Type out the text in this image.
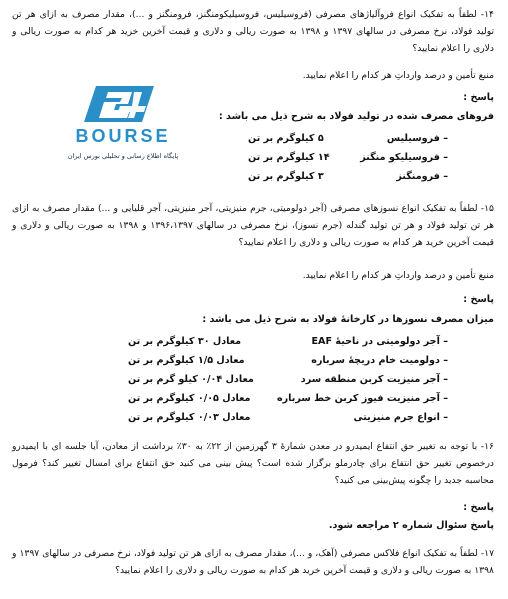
۱۴- لطفاً به تفکیک انواع فروآلیاژهای مصرفی (فروسیلیس، فروسیلیکومنگنز، فرومنگنز و ...)، مقدار مصرف به ازای هر تن تولید فولاد، نرخ مصرفی در سالهای ۱۳۹۷ و ۱۳۹۸ به صورت ریالی و دلاری و قیمت آخرین خرید هر کدام به صورت ریالی و دلاری را اعلام نمایید؟

منبع تأمین و درصد وارداتِ هر کدام را اعلام نمایید.
پاسخ :
فروهای مصرف شده در تولید فولاد به شرح ذیل می باشد :
– فروسیلیس
۵ کیلوگرم بر تن
– فروسیلیکو منگنز
۱۴ کیلوگرم بر تن
– فرومنگنز
۳ کیلوگرم بر تن
BOURSE
پایگاه اطلاع رسانی و تحلیلی بورس ایران

۱۵- لطفاً به تفکیک انواع نسوزهای مصرفی (آجر دولومیتی، جرم منیزیتی، آجر منیزیتی، آجر قلیایی و ...) مقدار مصرف به ازای هر تن تولید فولاد و هر تن تولید گندله (جرم نسوز)، نرخ مصرفی در سالهای ۱۳۹۶،۱۳۹۷ و ۱۳۹۸ به صورت ریالی و دلاری و قیمت آخرین خرید هر کدام به صورت ریالی و دلاری را اعلام نمایید؟

منبع تأمین و درصد وارداتِ هر کدام را اعلام نمایید.
پاسخ :
میزان مصرف نسوزها در کارخانهٔ فولاد به شرح ذیل می باشد :
– آجر دولومیتی در ناحیهٔ EAF
معادل ۳۰ کیلوگرم بر تن
– دولومیت خام دریچهٔ سرباره
معادل ۱/۵ کیلوگرم بر تن
– آجر منیزیت کربن منطقه سرد
معادل ۰/۰۴ کیلو گرم بر تن
– آجر منیزیت فیوز کربن خط سرباره
معادل ۰/۰۵ کیلوگرم بر تن
– انواع جرم منیزیتی
معادل ۰/۰۳ کیلوگرم بر تن

۱۶- با توجه به تغییر حق انتفاع ایمیدرو در معدن شمارهٔ ۳ گهرزمین از ۲۲٪ به ۳۰٪ برداشت از معادن، آیا جلسه ای با ایمیدرو درخصوص تغییر حق انتفاع برای چادرملو برگزار شده است؟ پیش بینی می کنید حق انتفاع برای امسال تغییر کند؟ فرمول محاسبه جدید را چگونه پیش‌بینی می کنید؟

پاسخ :
پاسخ سئوال شماره ۲ مراجعه شود.

۱۷- لطفاً به تفکیک انواع فلاکس مصرفی (آهک، و ...)، مقدار مصرف به ازای هر تن تولید فولاد، نرخ مصرفی در سالهای ۱۳۹۷ و ۱۳۹۸ به صورت ریالی و دلاری و قیمت آخرین خرید هر کدام به صورت ریالی و دلاری را اعلام نمایید؟
